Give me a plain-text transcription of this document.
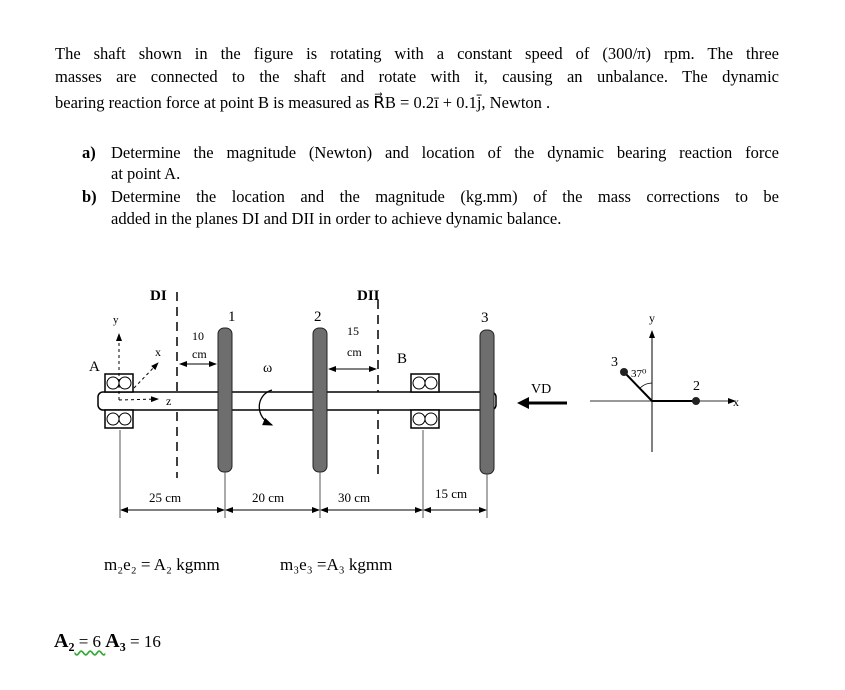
The shaft shown in the figure is rotating with a constant speed of (300/π) rpm. The three
masses are connected to the shaft and rotate with it, causing an unbalance. The dynamic
bearing reaction force at point B is measured as R⃗B = 0.2ī + 0.1j̄, Newton .
a) Determine the magnitude (Newton) and location of the dynamic bearing reaction force
at point A.
b) Determine the location and the magnitude (kg.mm) of the mass corrections to be
added in the planes DI and DII in order to achieve dynamic balance.
DI	DII
A	B
1	2	3
y
x
z
10
cm
15
cm
ω
25 cm	20 cm	30 cm	15 cm
VD
y
x
37⁰
3
2
m₂e₂ = A₂ kgmm	m₃e₃ =A₃ kgmm
A₂ = 6 A₃ = 16
